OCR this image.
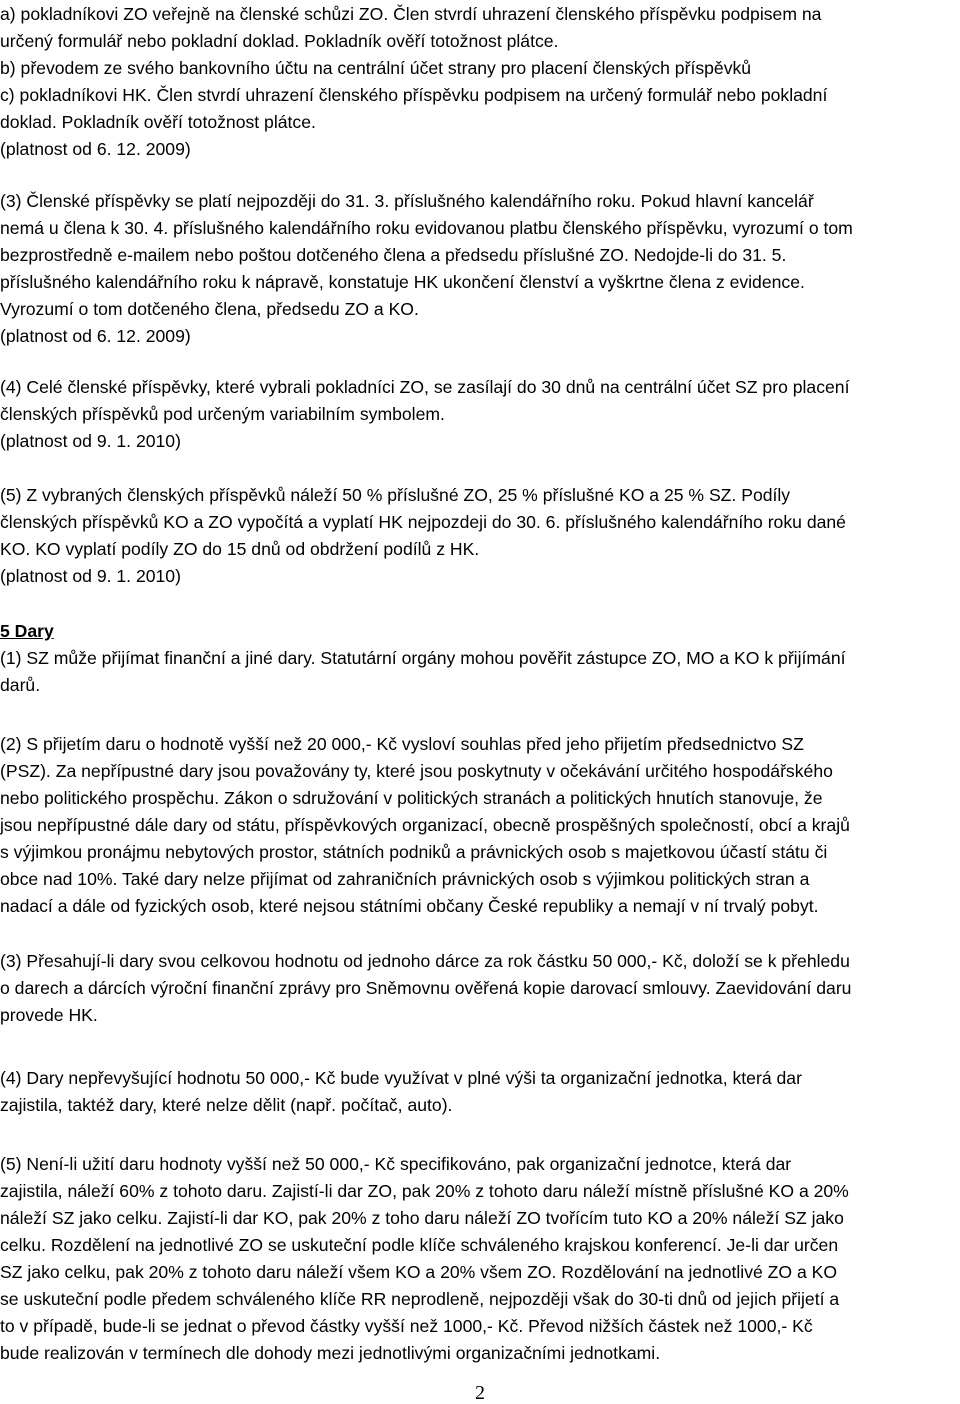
a) pokladníkovi ZO veřejně na členské schůzi ZO. Člen stvrdí uhrazení členského příspěvku podpisem na
určený formulář nebo pokladní doklad. Pokladník ověří totožnost plátce.
b) převodem ze svého bankovního účtu na centrální účet strany pro placení členských příspěvků
c) pokladníkovi HK. Člen stvrdí uhrazení členského příspěvku podpisem na určený formulář nebo pokladní
doklad. Pokladník ověří totožnost plátce.
(platnost od 6. 12. 2009)
(3) Členské příspěvky se platí nejpozději do 31. 3. příslušného kalendářního roku. Pokud hlavní kancelář
nemá u člena k 30. 4. příslušného kalendářního roku evidovanou platbu členského příspěvku, vyrozumí o tom
bezprostředně e-mailem nebo poštou dotčeného člena a předsedu příslušné ZO. Nedojde-li do 31. 5.
příslušného kalendářního roku k nápravě, konstatuje HK ukončení členství a vyškrtne člena z evidence.
Vyrozumí o tom dotčeného člena, předsedu ZO a KO.
(platnost od 6. 12. 2009)
(4) Celé členské příspěvky, které vybrali pokladníci ZO, se zasílají do 30 dnů na centrální účet SZ pro placení
členských příspěvků pod určeným variabilním symbolem.
(platnost od 9. 1. 2010)
(5) Z vybraných členských příspěvků náleží 50 % příslušné ZO, 25 % příslušné KO a 25 % SZ. Podíly
členských příspěvků KO a ZO vypočítá a vyplatí HK nejpozdeji do 30. 6. příslušného kalendářního roku dané
KO. KO vyplatí podíly ZO do 15 dnů od obdržení podílů z HK.
(platnost od 9. 1. 2010)
5 Dary
(1) SZ může přijímat finanční a jiné dary. Statutární orgány mohou pověřit zástupce ZO, MO a KO k přijímání
darů.
(2) S přijetím daru o hodnotě vyšší než 20 000,- Kč vysloví souhlas před jeho přijetím předsednictvo SZ
(PSZ). Za nepřípustné dary jsou považovány ty, které jsou poskytnuty v očekávání určitého hospodářského
nebo politického prospěchu. Zákon o sdružování v politických stranách a politických hnutích stanovuje, že
jsou nepřípustné dále dary od státu, příspěvkových organizací, obecně prospěšných společností, obcí a krajů
s výjimkou pronájmu nebytových prostor, státních podniků a právnických osob s majetkovou účastí státu či
obce nad 10%. Také dary nelze přijímat od zahraničních právnických osob s výjimkou politických stran a
nadací a dále od fyzických osob, které nejsou státními občany České republiky a nemají v ní trvalý pobyt.
(3) Přesahují-li dary svou celkovou hodnotu od jednoho dárce za rok částku 50 000,- Kč, doloží se k přehledu
o darech a dárcích výroční finanční zprávy pro Sněmovnu ověřená kopie darovací smlouvy. Zaevidování daru
provede HK.
(4) Dary nepřevyšující hodnotu 50 000,- Kč bude využívat v plné výši ta organizační jednotka, která dar
zajistila, taktéž dary, které nelze dělit (např. počítač, auto).
(5) Není-li užití daru hodnoty vyšší než 50 000,- Kč specifikováno, pak organizační jednotce, která dar
zajistila, náleží 60% z tohoto daru. Zajistí-li dar ZO, pak 20% z tohoto daru náleží místně příslušné KO a 20%
náleží SZ jako celku. Zajistí-li dar KO, pak 20% z toho daru náleží ZO tvořícím tuto KO a 20% náleží SZ jako
celku. Rozdělení na jednotlivé ZO se uskuteční podle klíče schváleného krajskou konferencí. Je-li dar určen
SZ jako celku, pak 20% z tohoto daru náleží všem KO a 20% všem ZO. Rozdělování na jednotlivé ZO a KO
se uskuteční podle předem schváleného klíče RR neprodleně, nejpozději však do 30-ti dnů od jejich přijetí a
to v případě, bude-li se jednat o převod částky vyšší než 1000,- Kč. Převod nižších částek než 1000,- Kč
bude realizován v termínech dle dohody mezi jednotlivými organizačními jednotkami.
2
